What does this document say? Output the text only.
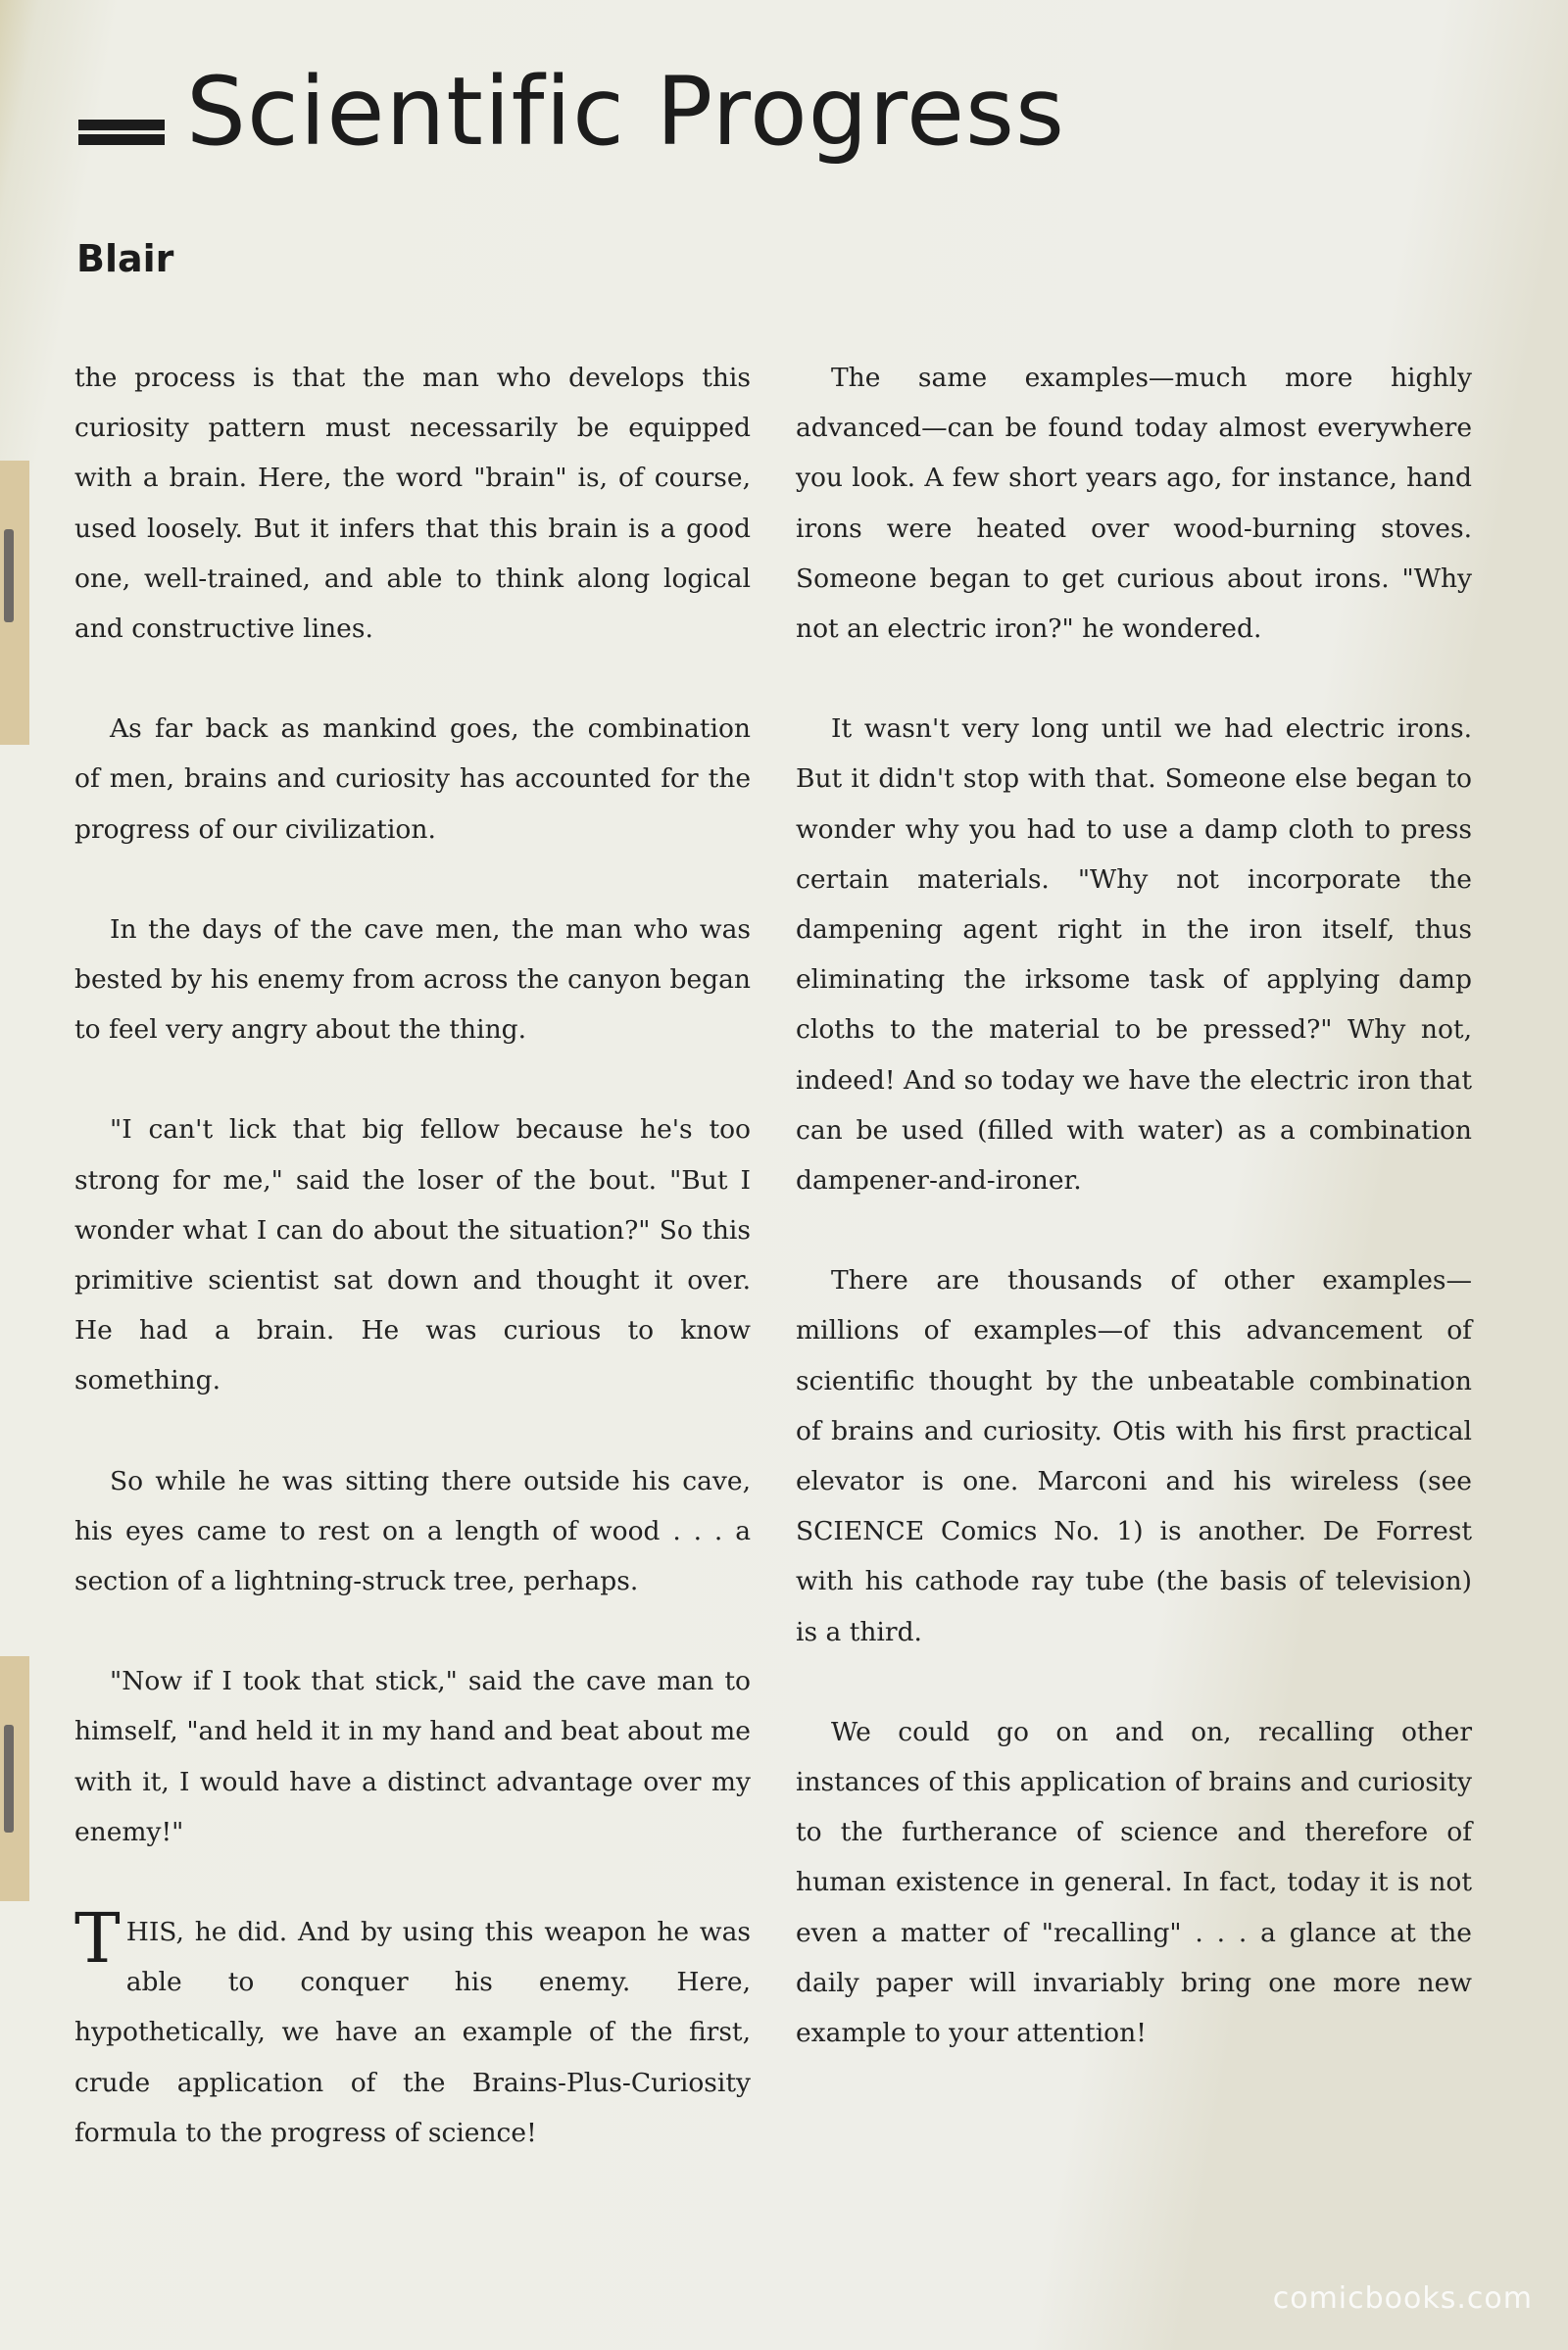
Scientific Progress
Blair

the process is that the man who develops this curiosity pattern must necessarily be equipped with a brain. Here, the word "brain" is, of course, used loosely. But it infers that this brain is a good one, well-trained, and able to think along logical and constructive lines.

As far back as mankind goes, the combination of men, brains and curiosity has accounted for the progress of our civilization.

In the days of the cave men, the man who was bested by his enemy from across the canyon began to feel very angry about the thing.

"I can't lick that big fellow because he's too strong for me," said the loser of the bout. "But I wonder what I can do about the situation?" So this primitive scientist sat down and thought it over. He had a brain. He was curious to know something.

So while he was sitting there outside his cave, his eyes came to rest on a length of wood . . . a section of a lightning-struck tree, perhaps.

"Now if I took that stick," said the cave man to himself, "and held it in my hand and beat about me with it, I would have a distinct advantage over my enemy!"

THIS, he did. And by using this weapon he was able to conquer his enemy. Here, hypothetically, we have an example of the first, crude application of the Brains-Plus-Curiosity formula to the progress of science!

The same examples—much more highly advanced—can be found today almost everywhere you look. A few short years ago, for instance, hand irons were heated over wood-burning stoves. Someone began to get curious about irons. "Why not an electric iron?" he wondered.

It wasn't very long until we had electric irons. But it didn't stop with that. Someone else began to wonder why you had to use a damp cloth to press certain materials. "Why not incorporate the dampening agent right in the iron itself, thus eliminating the irksome task of applying damp cloths to the material to be pressed?" Why not, indeed! And so today we have the electric iron that can be used (filled with water) as a combination dampener-and-ironer.

There are thousands of other examples—millions of examples—of this advancement of scientific thought by the unbeatable combination of brains and curiosity. Otis with his first practical elevator is one. Marconi and his wireless (see SCIENCE Comics No. 1) is another. De Forrest with his cathode ray tube (the basis of television) is a third.

We could go on and on, recalling other instances of this application of brains and curiosity to the furtherance of science and therefore of human existence in general. In fact, today it is not even a matter of "recalling" . . . a glance at the daily paper will invariably bring one more new example to your attention!

comicbooks.com
